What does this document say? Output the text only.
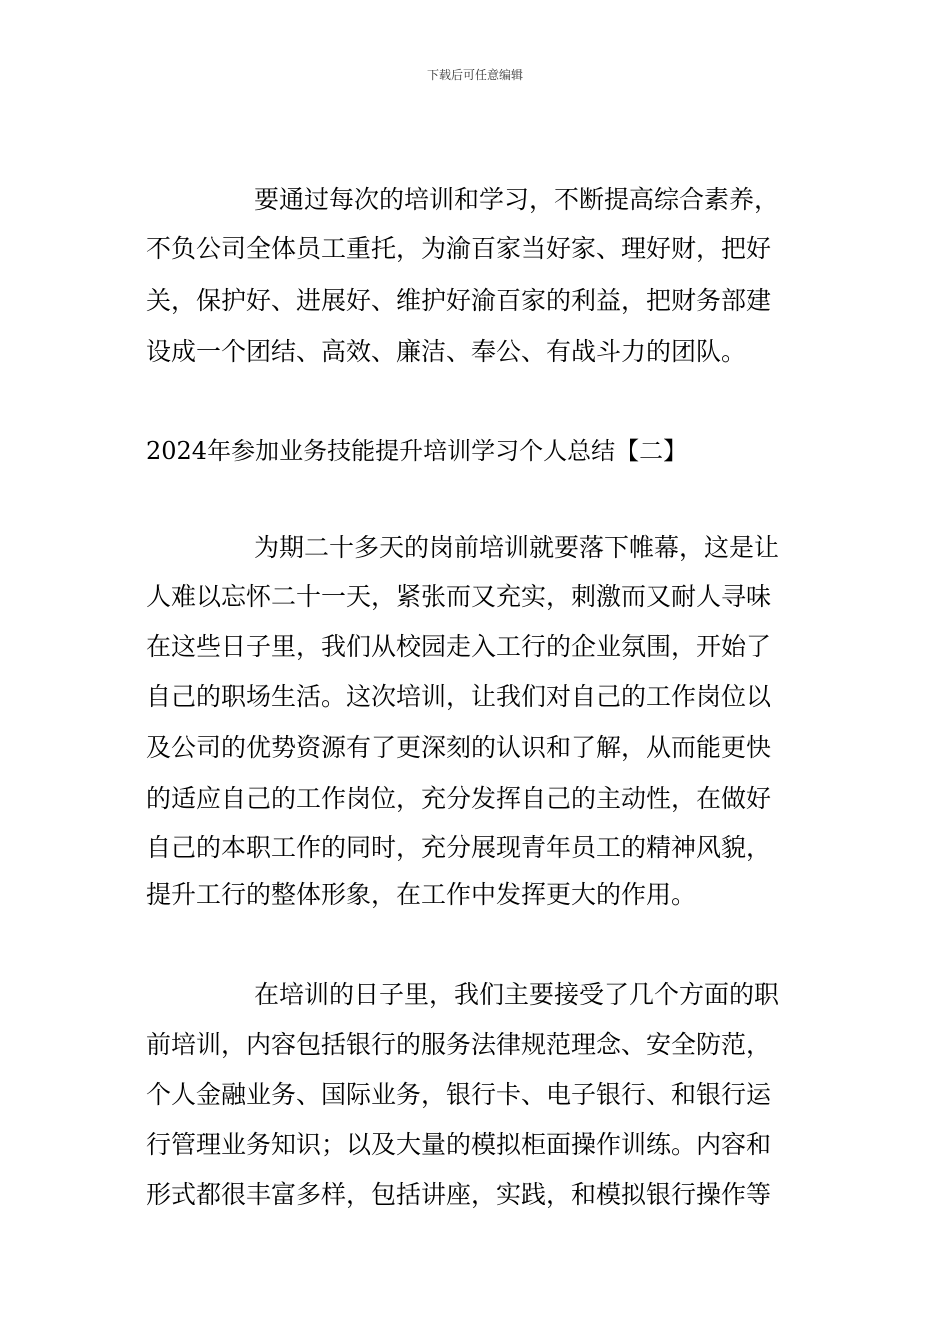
下载后可任意编辑
要通过每次的培训和学习，不断提高综合素养，
不负公司全体员工重托，为渝百家当好家、理好财，把好
关，保护好、进展好、维护好渝百家的利益，把财务部建
设成一个团结、高效、廉洁、奉公、有战斗力的团队。
2024年参加业务技能提升培训学习个人总结【二】
为期二十多天的岗前培训就要落下帷幕，这是让
人难以忘怀二十一天，紧张而又充实，刺激而又耐人寻味
在这些日子里，我们从校园走入工行的企业氛围，开始了
自己的职场生活。这次培训，让我们对自己的工作岗位以
及公司的优势资源有了更深刻的认识和了解，从而能更快
的适应自己的工作岗位，充分发挥自己的主动性，在做好
自己的本职工作的同时，充分展现青年员工的精神风貌，
提升工行的整体形象，在工作中发挥更大的作用。
在培训的日子里，我们主要接受了几个方面的职
前培训，内容包括银行的服务法律规范理念、安全防范，
个人金融业务、国际业务，银行卡、电子银行、和银行运
行管理业务知识；以及大量的模拟柜面操作训练。内容和
形式都很丰富多样，包括讲座，实践，和模拟银行操作等
